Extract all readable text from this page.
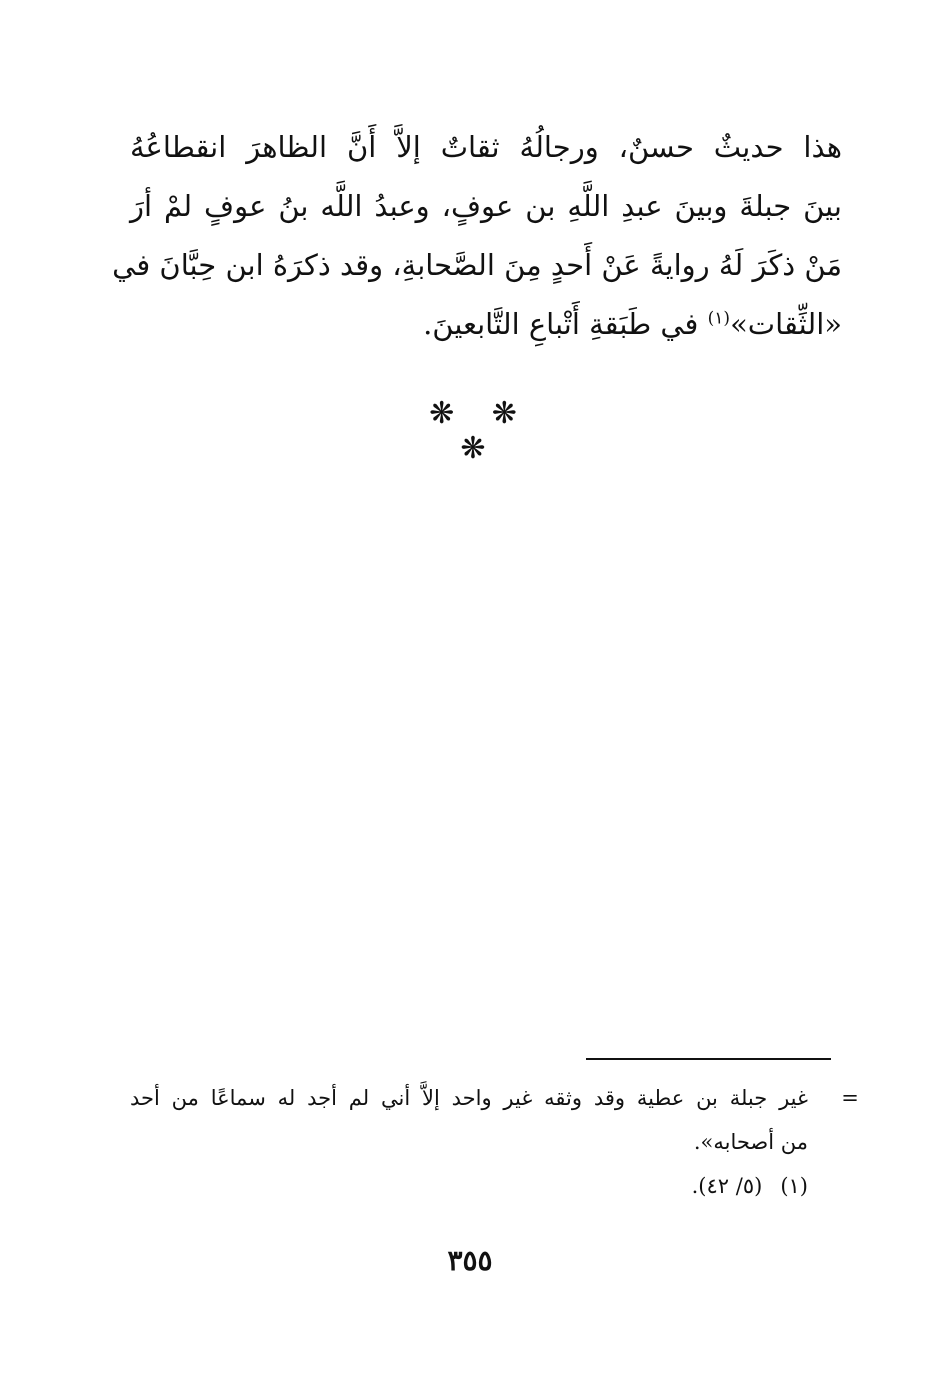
هذا حديثٌ حسنٌ، ورجالُهُ ثقاتٌ إلاَّ أَنَّ الظاهرَ انقطاعُهُ
بينَ جبلةَ وبينَ عبدِ اللَّهِ بن عوفٍ، وعبدُ اللَّه بنُ عوفٍ لمْ أرَ
مَنْ ذكَرَ لَهُ روايةً عَنْ أَحدٍ مِنَ الصَّحابةِ، وقد ذكرَهُ ابن حِبَّانَ في
«الثِّقات»$^{(١)}$ في طَبَقةِ أَتْباعِ التَّابعينَ.
❋ ❋ ❋
=
غير جبلة بن عطية وقد وثقه غير واحد إلاَّ أني لم أجد له سماعًا من أحد
من أصحابه».
(١)(٥/ ٤٢).
٣٥٥
